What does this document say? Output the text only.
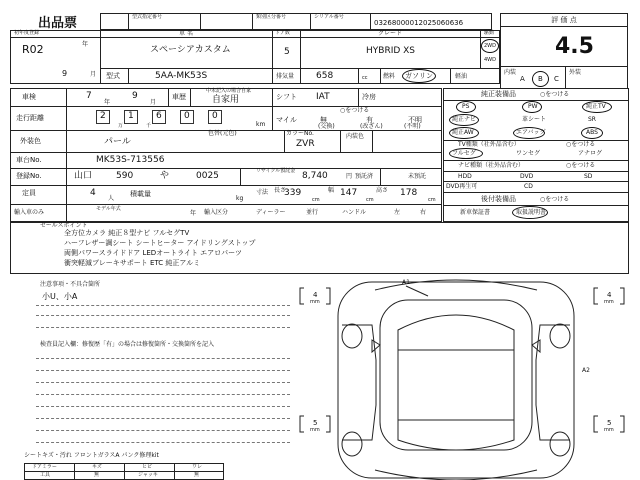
出品票	型式指定番号	類別区分番号	シリアル番号
03268000012025060636	評 価 点
4.5
内装
A B C
外装
初年度登録
R02	年
9	月
車 名
スペーシアカスタム
ドア数
5
グレード
HYBRID XS
駆動
2WD
4WD
型式	5AA-MK53S	排気量 658	cc	燃料 ガソリン	軽油
車検	7
年
9
月
車歴
中未記入の場合自家
自家用	シフト IAT	冷房
走行距離	2 1 6 0 0
万	千	km
マイル
○をつける
無	有	不明
(交換)	(改ざん)	(不明)
外装色	パール
色替(元色)	カラーNo.
ZVR
内装色
車台No.	MK53S-713556
登録No.	山口	590	や	0025	リサイクル預託金 8,740	円 預託済	未預託
定員	4
人
積載量
kg
寸法 長さ
339
cm
幅 147
cm
高さ 178
cm
輸入車のみ	モデル年式
年 輸入区分	ディーラー	並行	ハンドル	左	右
純正装備品	○をつける
PS	PW	純正TV
純正ナビ	革シート	SR
純正AW	エアバッグ	ABS
TV種類（社外品含む）	○をつける
フルセグ	ワンセグ	アナログ
ナビ種類（社外品含む）	○をつける
HDD	DVD	SD
DVD再生可	CD
後付装備品	○をつける
新車保証書	取扱説明書
セールスポイント
全方位カメラ 純正８型ナビ フルセグTV
ハーフレザー調シート シートヒーター アイドリングストップ
両側パワースライドドア LEDオートライト エアロパーツ
衝突軽減ブレーキサポート ETC 純正アルミ
注意事項・不具合箇所
小U、小A
検査員記入欄：修復歴「有」の場合は修復箇所・交換箇所を記入
シートキズ・汚れ フロントガラスA パンク修理kit
ドアミラー	キズ	ヒビ	ワレ
工具	無	ジャッキ	無
4
mm
4
mm
5
mm
5
mm
A1
A2
